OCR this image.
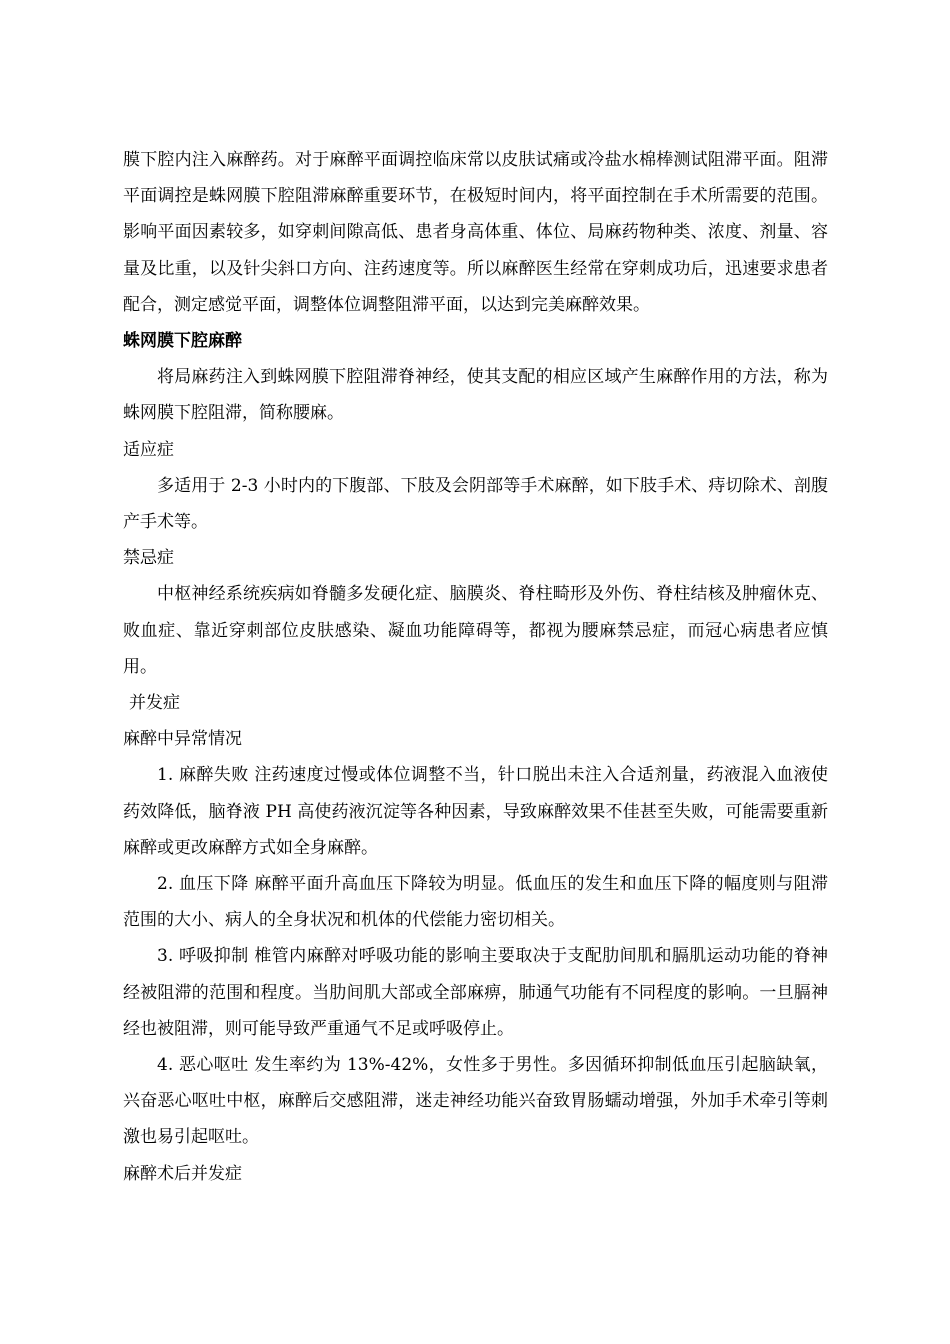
膜下腔内注入麻醉药。对于麻醉平面调控临床常以皮肤试痛或冷盐水棉棒测试阻滞平面。阻滞平面调控是蛛网膜下腔阻滞麻醉重要环节，在极短时间内，将平面控制在手术所需要的范围。影响平面因素较多，如穿刺间隙高低、患者身高体重、体位、局麻药物种类、浓度、剂量、容量及比重，以及针尖斜口方向、注药速度等。所以麻醉医生经常在穿刺成功后，迅速要求患者配合，测定感觉平面，调整体位调整阻滞平面，以达到完美麻醉效果。

蛛网膜下腔麻醉

将局麻药注入到蛛网膜下腔阻滞脊神经，使其支配的相应区域产生麻醉作用的方法，称为蛛网膜下腔阻滞，简称腰麻。

适应症

多适用于 2-3 小时内的下腹部、下肢及会阴部等手术麻醉，如下肢手术、痔切除术、剖腹产手术等。

禁忌症

中枢神经系统疾病如脊髓多发硬化症、脑膜炎、脊柱畸形及外伤、脊柱结核及肿瘤休克、败血症、靠近穿刺部位皮肤感染、凝血功能障碍等，都视为腰麻禁忌症，而冠心病患者应慎用。

并发症

麻醉中异常情况

1. 麻醉失败 注药速度过慢或体位调整不当，针口脱出未注入合适剂量，药液混入血液使药效降低，脑脊液 PH 高使药液沉淀等各种因素，导致麻醉效果不佳甚至失败，可能需要重新麻醉或更改麻醉方式如全身麻醉。

2. 血压下降 麻醉平面升高血压下降较为明显。低血压的发生和血压下降的幅度则与阻滞范围的大小、病人的全身状况和机体的代偿能力密切相关。

3. 呼吸抑制 椎管内麻醉对呼吸功能的影响主要取决于支配肋间肌和膈肌运动功能的脊神经被阻滞的范围和程度。当肋间肌大部或全部麻痹，肺通气功能有不同程度的影响。一旦膈神经也被阻滞，则可能导致严重通气不足或呼吸停止。

4. 恶心呕吐 发生率约为 13%-42%，女性多于男性。多因循环抑制低血压引起脑缺氧，兴奋恶心呕吐中枢，麻醉后交感阻滞，迷走神经功能兴奋致胃肠蠕动增强，外加手术牵引等刺激也易引起呕吐。

麻醉术后并发症
